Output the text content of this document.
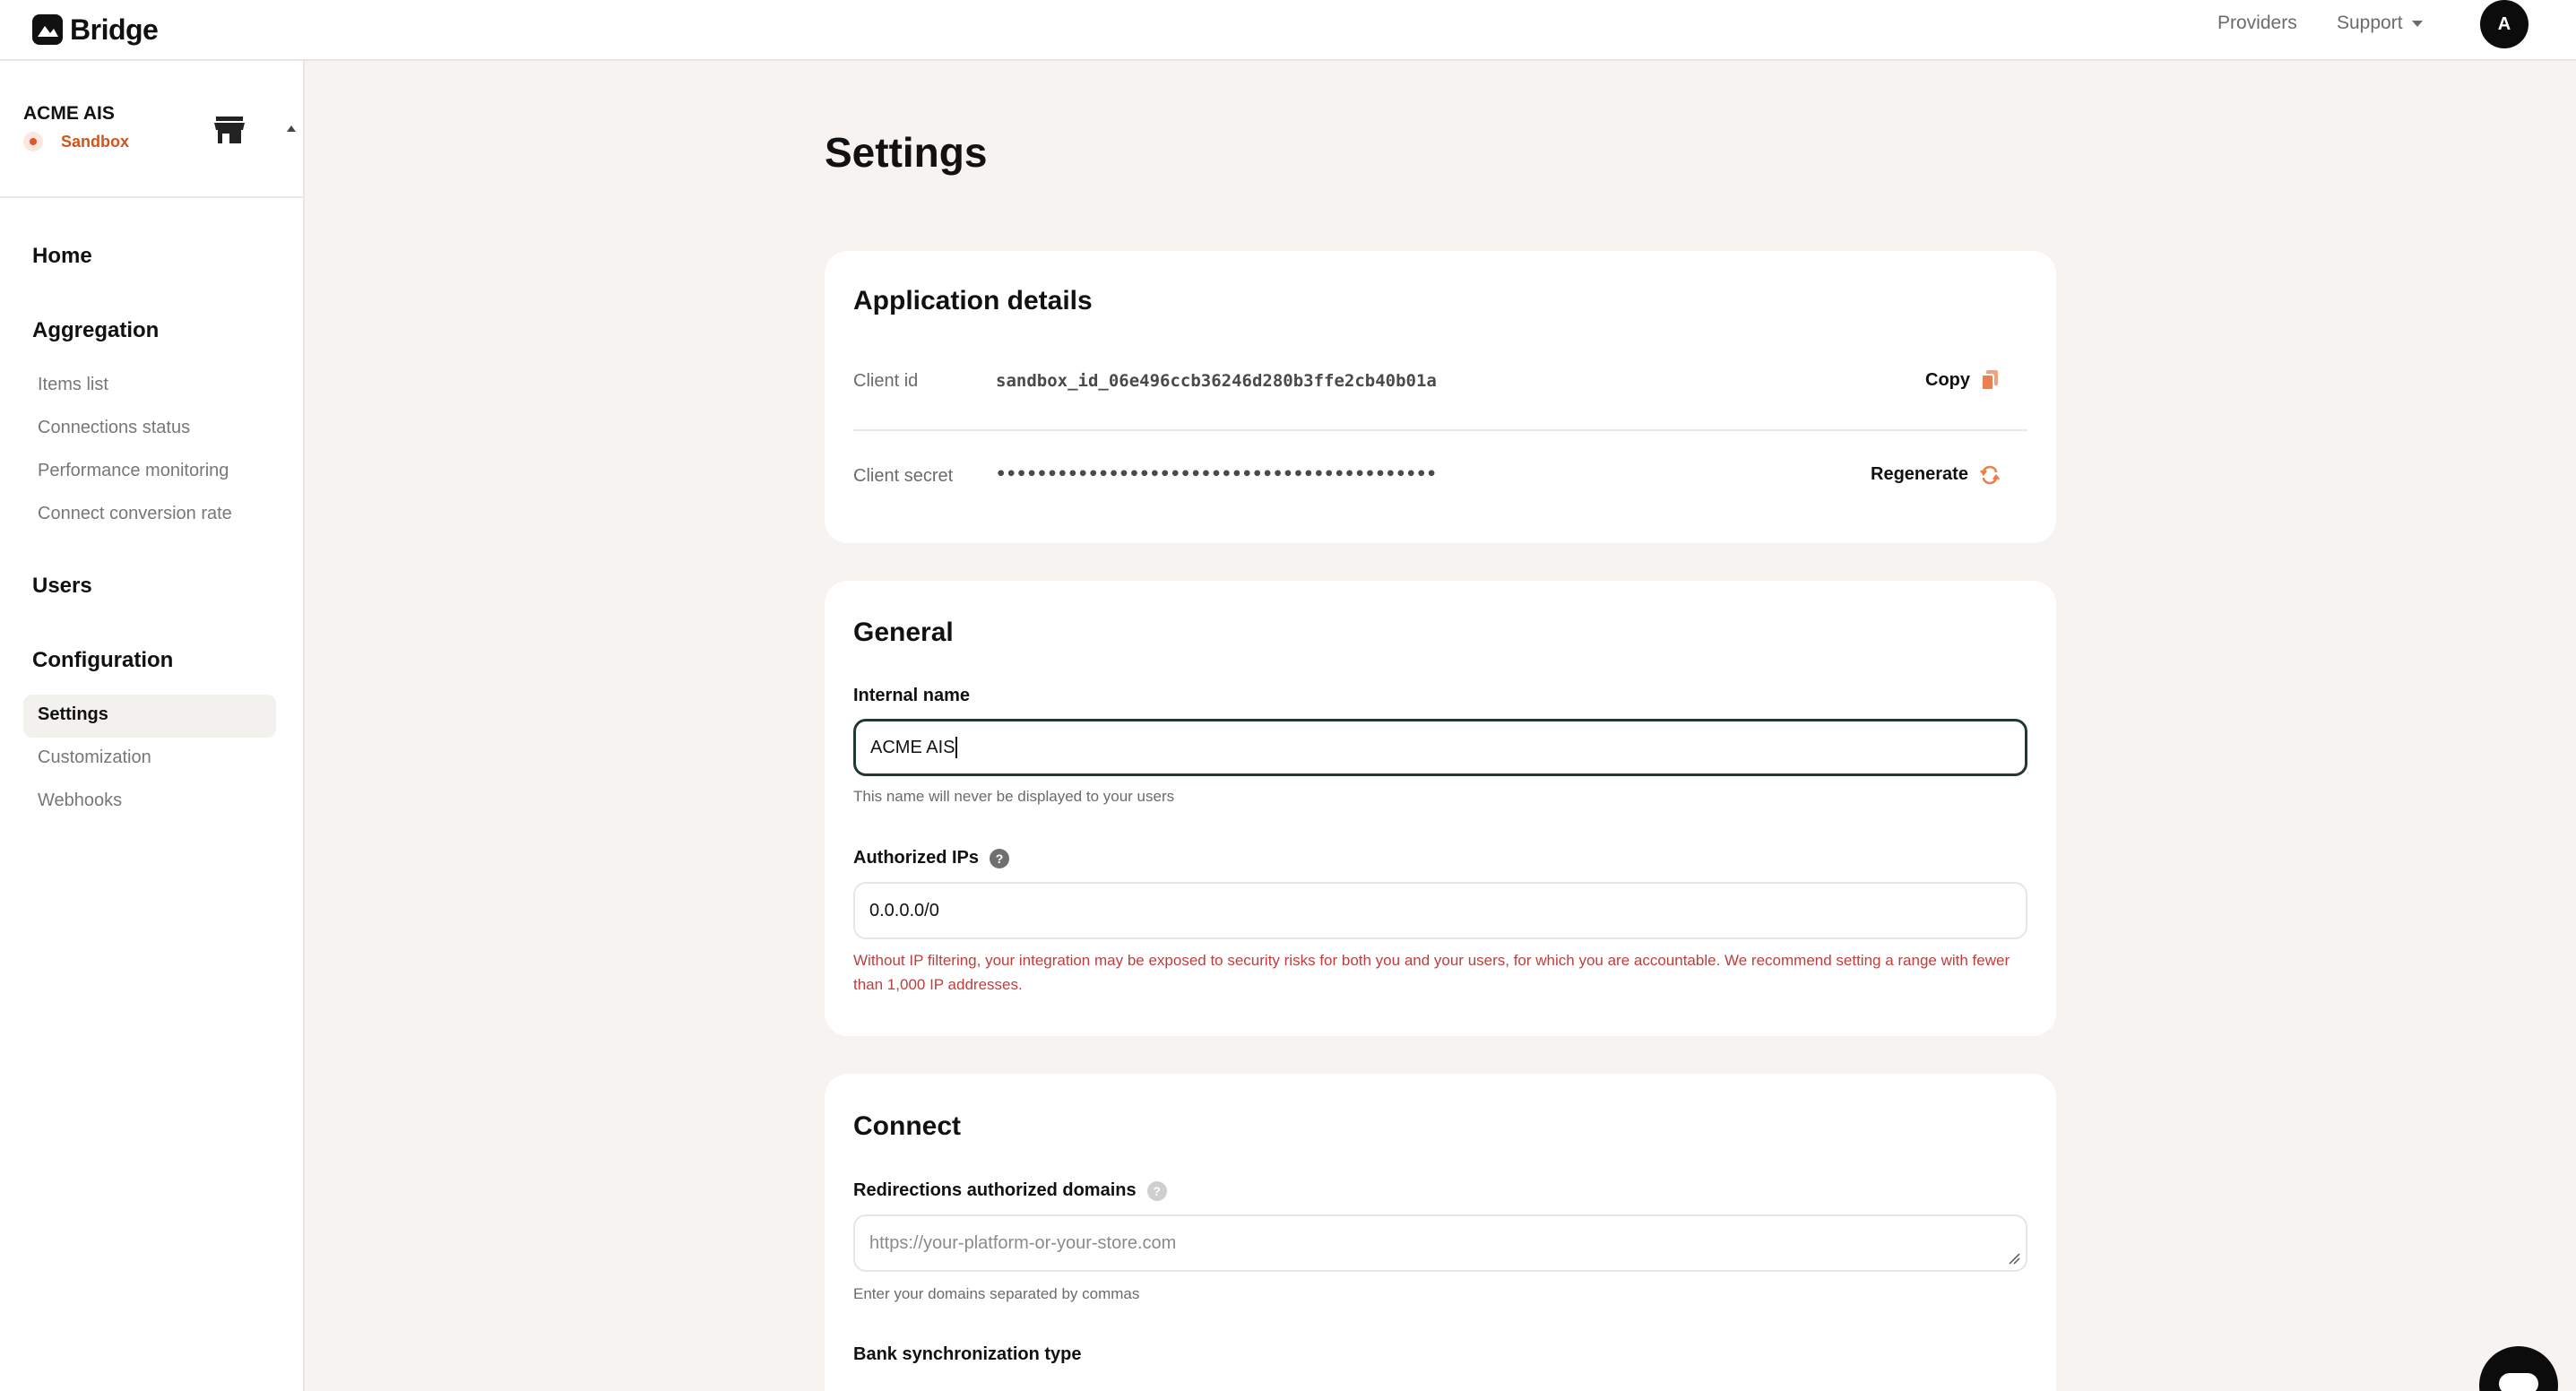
Bridge	Providers Support	A
ACME AIS
Sandbox
Home
Aggregation
Items list
Connections status
Performance monitoring
Connect conversion rate
Users
Configuration
Settings
Customization
Webhooks
Settings
Application details
Client id	sandbox_id_06e496ccb36246d280b3ffe2cb40b01a	Copy
Client secret	•••••••••••••••••••••••••••••••••••••••••••	Regenerate
General
Internal name
ACME AIS
This name will never be displayed to your users
Authorized IPs	?
0.0.0.0/0
Without IP filtering, your integration may be exposed to security risks for both you and your users, for which you are accountable. We recommend setting a range with fewer than 1,000 IP addresses.
Connect
Redirections authorized domains	?
https://your-platform-or-your-store.com
Enter your domains separated by commas
Bank synchronization type
